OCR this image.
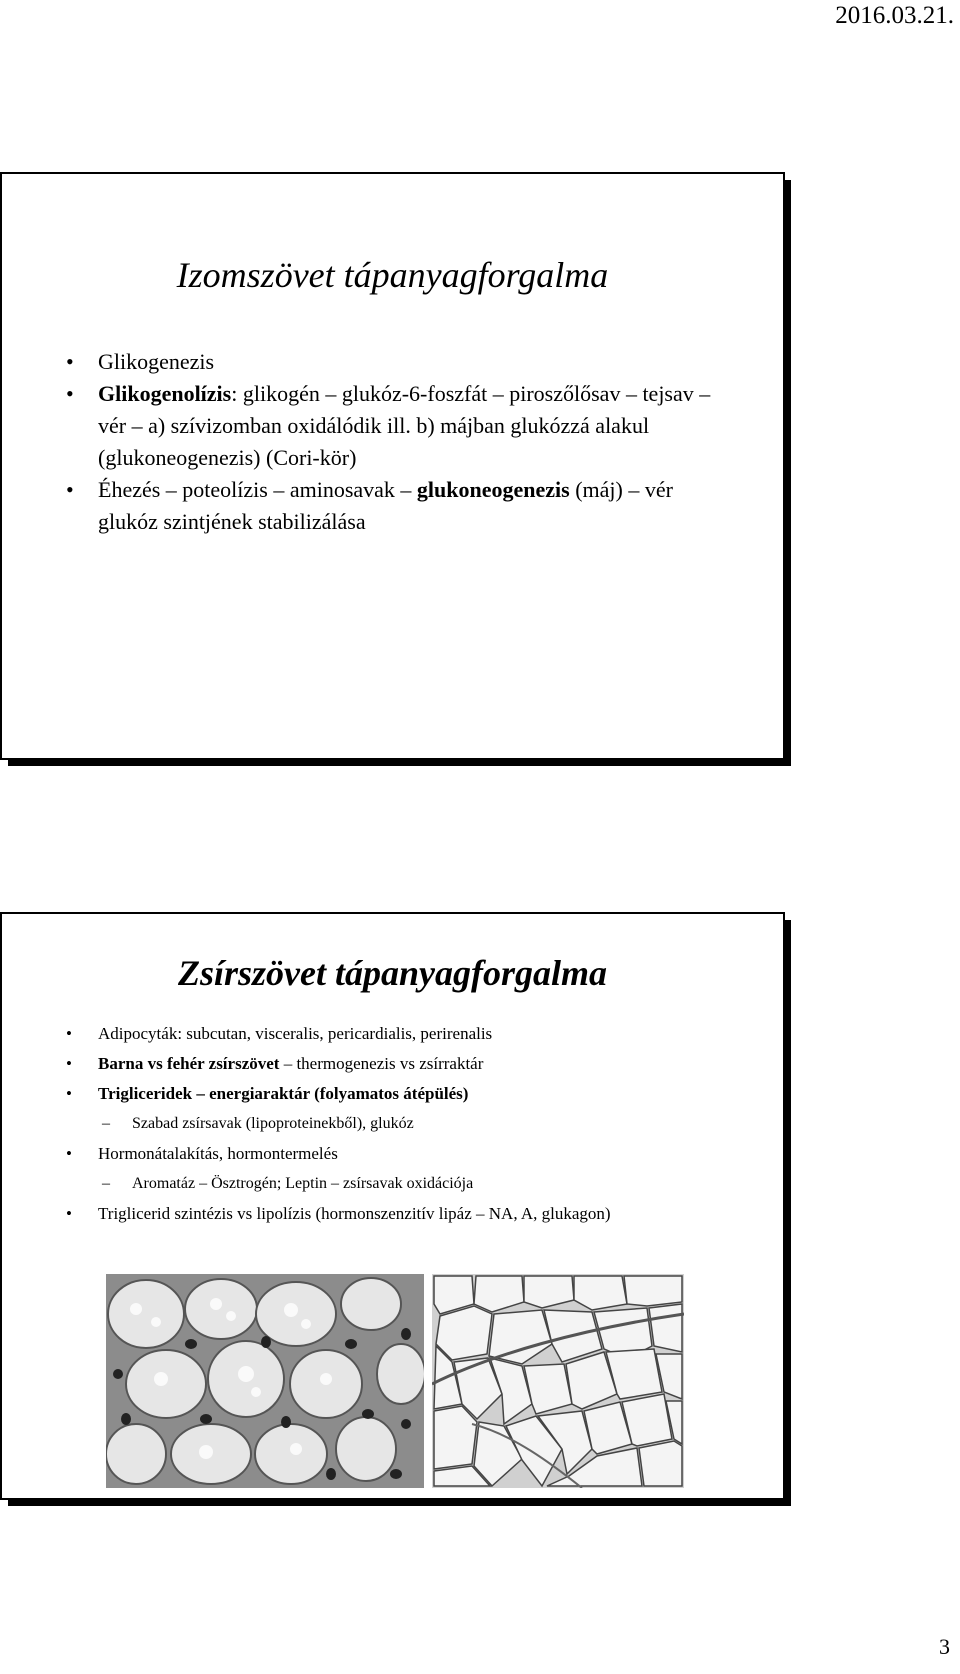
2016.03.21.
Izomszövet tápanyagforgalma
• Glikogenezis
• Glikogenolízis: glikogén – glukóz-6-foszfát – piroszőlősav – tejsav – vér – a) szívizomban oxidálódik ill. b) májban glukózzá alakul (glukoneogenezis) (Cori-kör)
• Éhezés – poteolízis – aminosavak – glukoneogenezis (máj) – vér glukóz szintjének stabilizálása
Zsírszövet tápanyagforgalma
• Adipocyták: subcutan, visceralis, pericardialis, perirenalis
• Barna vs fehér zsírszövet – thermogenezis vs zsírraktár
• Trigliceridek – energiaraktár (folyamatos átépülés)
– Szabad zsírsavak (lipoproteinekből), glukóz
• Hormonátalakítás, hormontermelés
– Aromatáz – Ösztrogén; Leptin – zsírsavak oxidációja
• Triglicerid szintézis vs lipolízis (hormonszenzitív lipáz – NA, A, glukagon)
3
